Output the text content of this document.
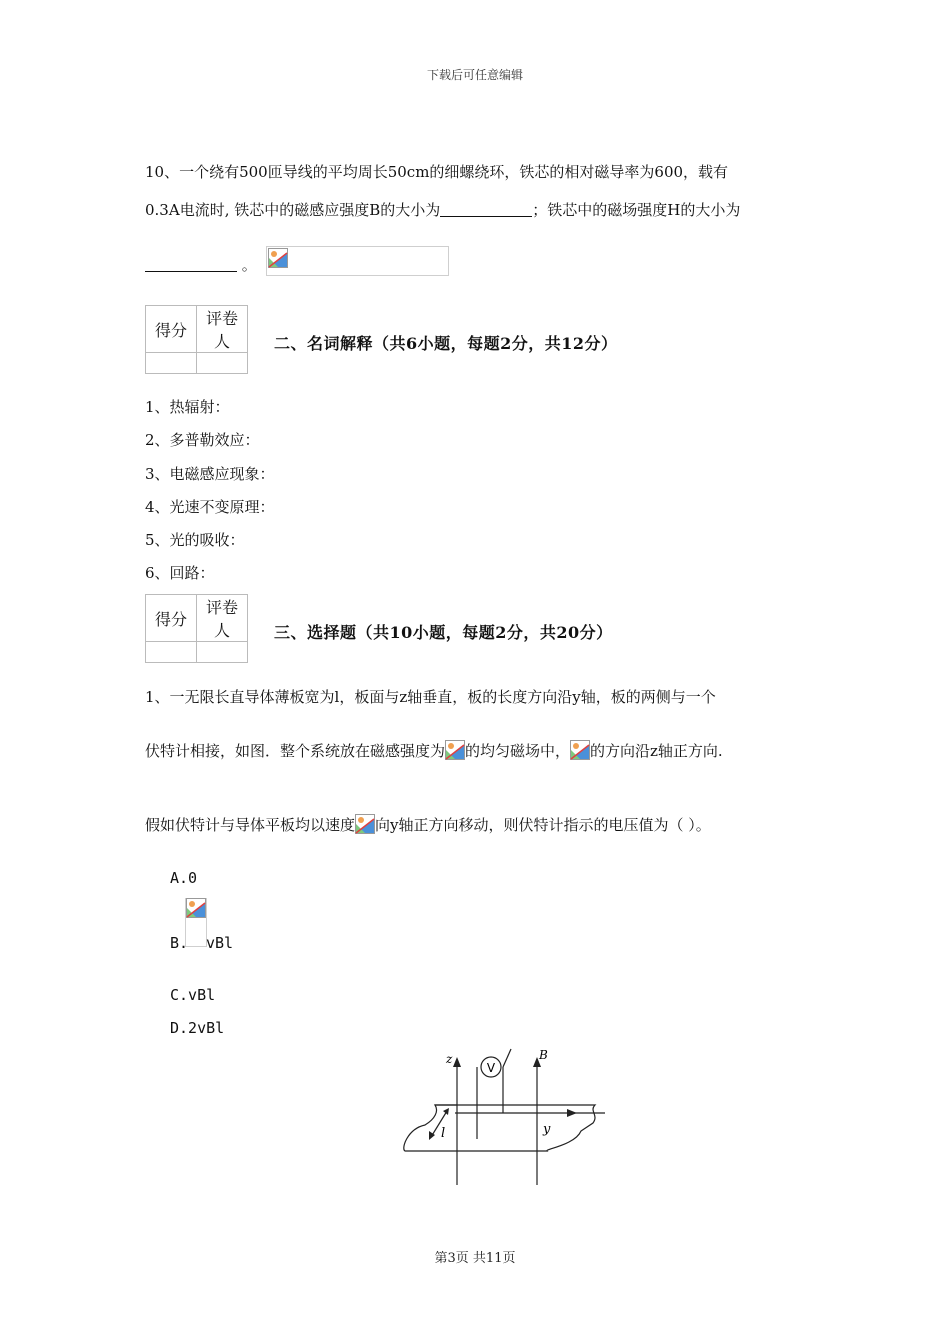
下载后可任意编辑
10、一个绕有500匝导线的平均周长50cm的细螺绕环，铁芯的相对磁导率为600，载有
0.3A电流时, 铁芯中的磁感应强度B的大小为	；铁芯中的磁场强度H的大小为
。
得分	评卷人
		二、名词解释（共6小题，每题2分，共12分）
1、热辐射：
2、多普勒效应：
3、电磁感应现象：
4、光速不变原理：
5、光的吸收：
6、回路：
得分	评卷人
		三、选择题（共10小题，每题2分，共20分）
1、一无限长直导体薄板宽为l，板面与z轴垂直，板的长度方向沿y轴，板的两侧与一个
伏特计相接，如图．整个系统放在磁感强度为 的均匀磁场中， 的方向沿z轴正方向.
假如伏特计与导体平板均以速度 向y轴正方向移动，则伏特计指示的电压值为（ ）。
A.0
B. vBl
C.vBl
D.2vBl
V
z	B
l	y
第3页 共11页
